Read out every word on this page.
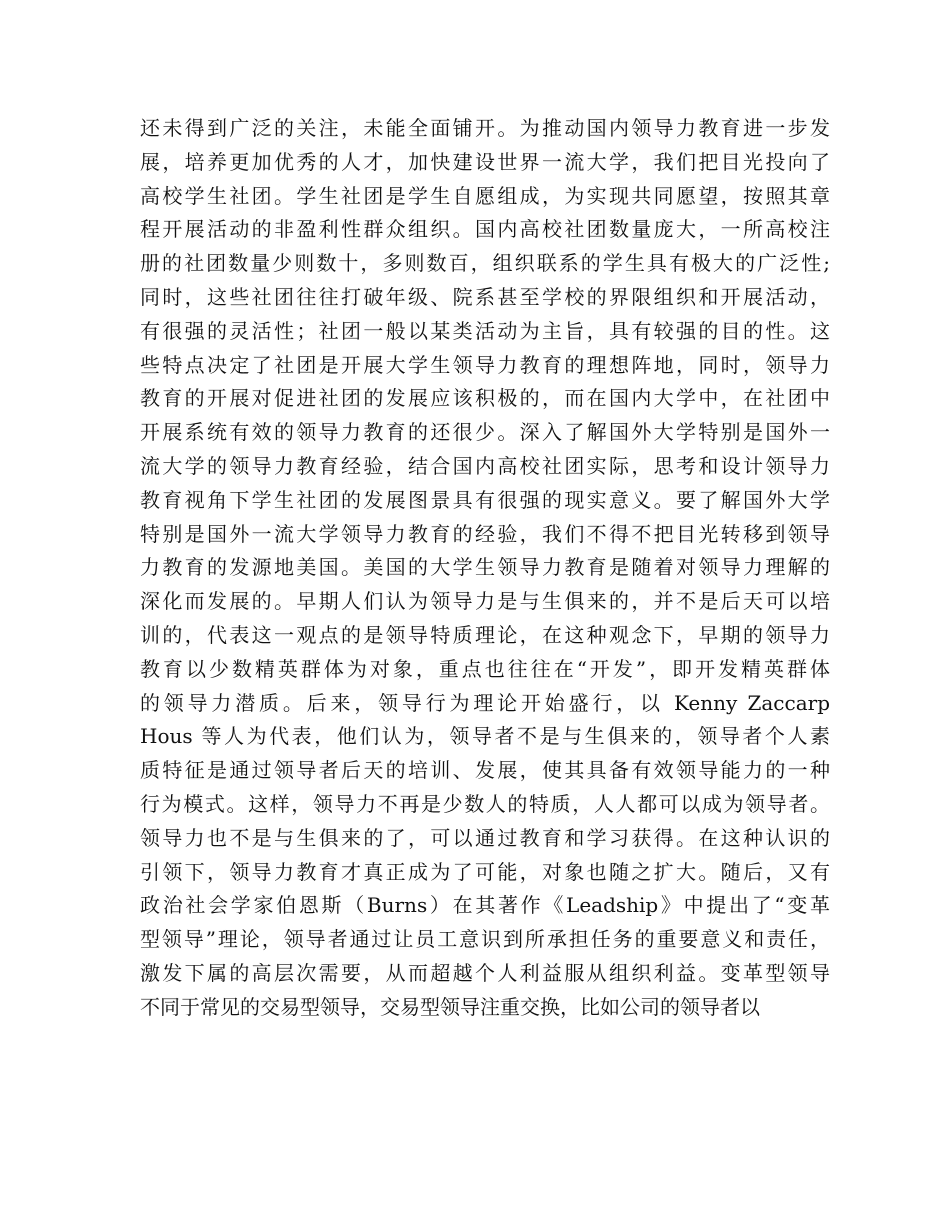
还未得到广泛的关注，未能全面铺开。为推动国内领导力教育进一步发
展，培养更加优秀的人才，加快建设世界一流大学，我们把目光投向了
高校学生社团。学生社团是学生自愿组成，为实现共同愿望，按照其章
程开展活动的非盈利性群众组织。国内高校社团数量庞大，一所高校注
册的社团数量少则数十，多则数百，组织联系的学生具有极大的广泛性;
同时，这些社团往往打破年级、院系甚至学校的界限组织和开展活动，
有很强的灵活性；社团一般以某类活动为主旨，具有较强的目的性。这
些特点决定了社团是开展大学生领导力教育的理想阵地，同时，领导力
教育的开展对促进社团的发展应该积极的，而在国内大学中，在社团中
开展系统有效的领导力教育的还很少。深入了解国外大学特别是国外一
流大学的领导力教育经验，结合国内高校社团实际，思考和设计领导力
教育视角下学生社团的发展图景具有很强的现实意义。要了解国外大学
特别是国外一流大学领导力教育的经验，我们不得不把目光转移到领导
力教育的发源地美国。美国的大学生领导力教育是随着对领导力理解的
深化而发展的。早期人们认为领导力是与生俱来的，并不是后天可以培
训的，代表这一观点的是领导特质理论，在这种观念下，早期的领导力
教育以少数精英群体为对象，重点也往往在“开发”，即开发精英群体
的领导力潜质。后来，领导行为理论开始盛行，以 Kenny Zaccarp
Hous 等人为代表，他们认为，领导者不是与生俱来的，领导者个人素
质特征是通过领导者后天的培训、发展，使其具备有效领导能力的一种
行为模式。这样，领导力不再是少数人的特质，人人都可以成为领导者。
领导力也不是与生俱来的了，可以通过教育和学习获得。在这种认识的
引领下，领导力教育才真正成为了可能，对象也随之扩大。随后，又有
政治社会学家伯恩斯（Burns）在其著作《Leadship》中提出了“变革
型领导”理论，领导者通过让员工意识到所承担任务的重要意义和责任，
激发下属的高层次需要，从而超越个人利益服从组织利益。变革型领导
不同于常见的交易型领导，交易型领导注重交换，比如公司的领导者以
